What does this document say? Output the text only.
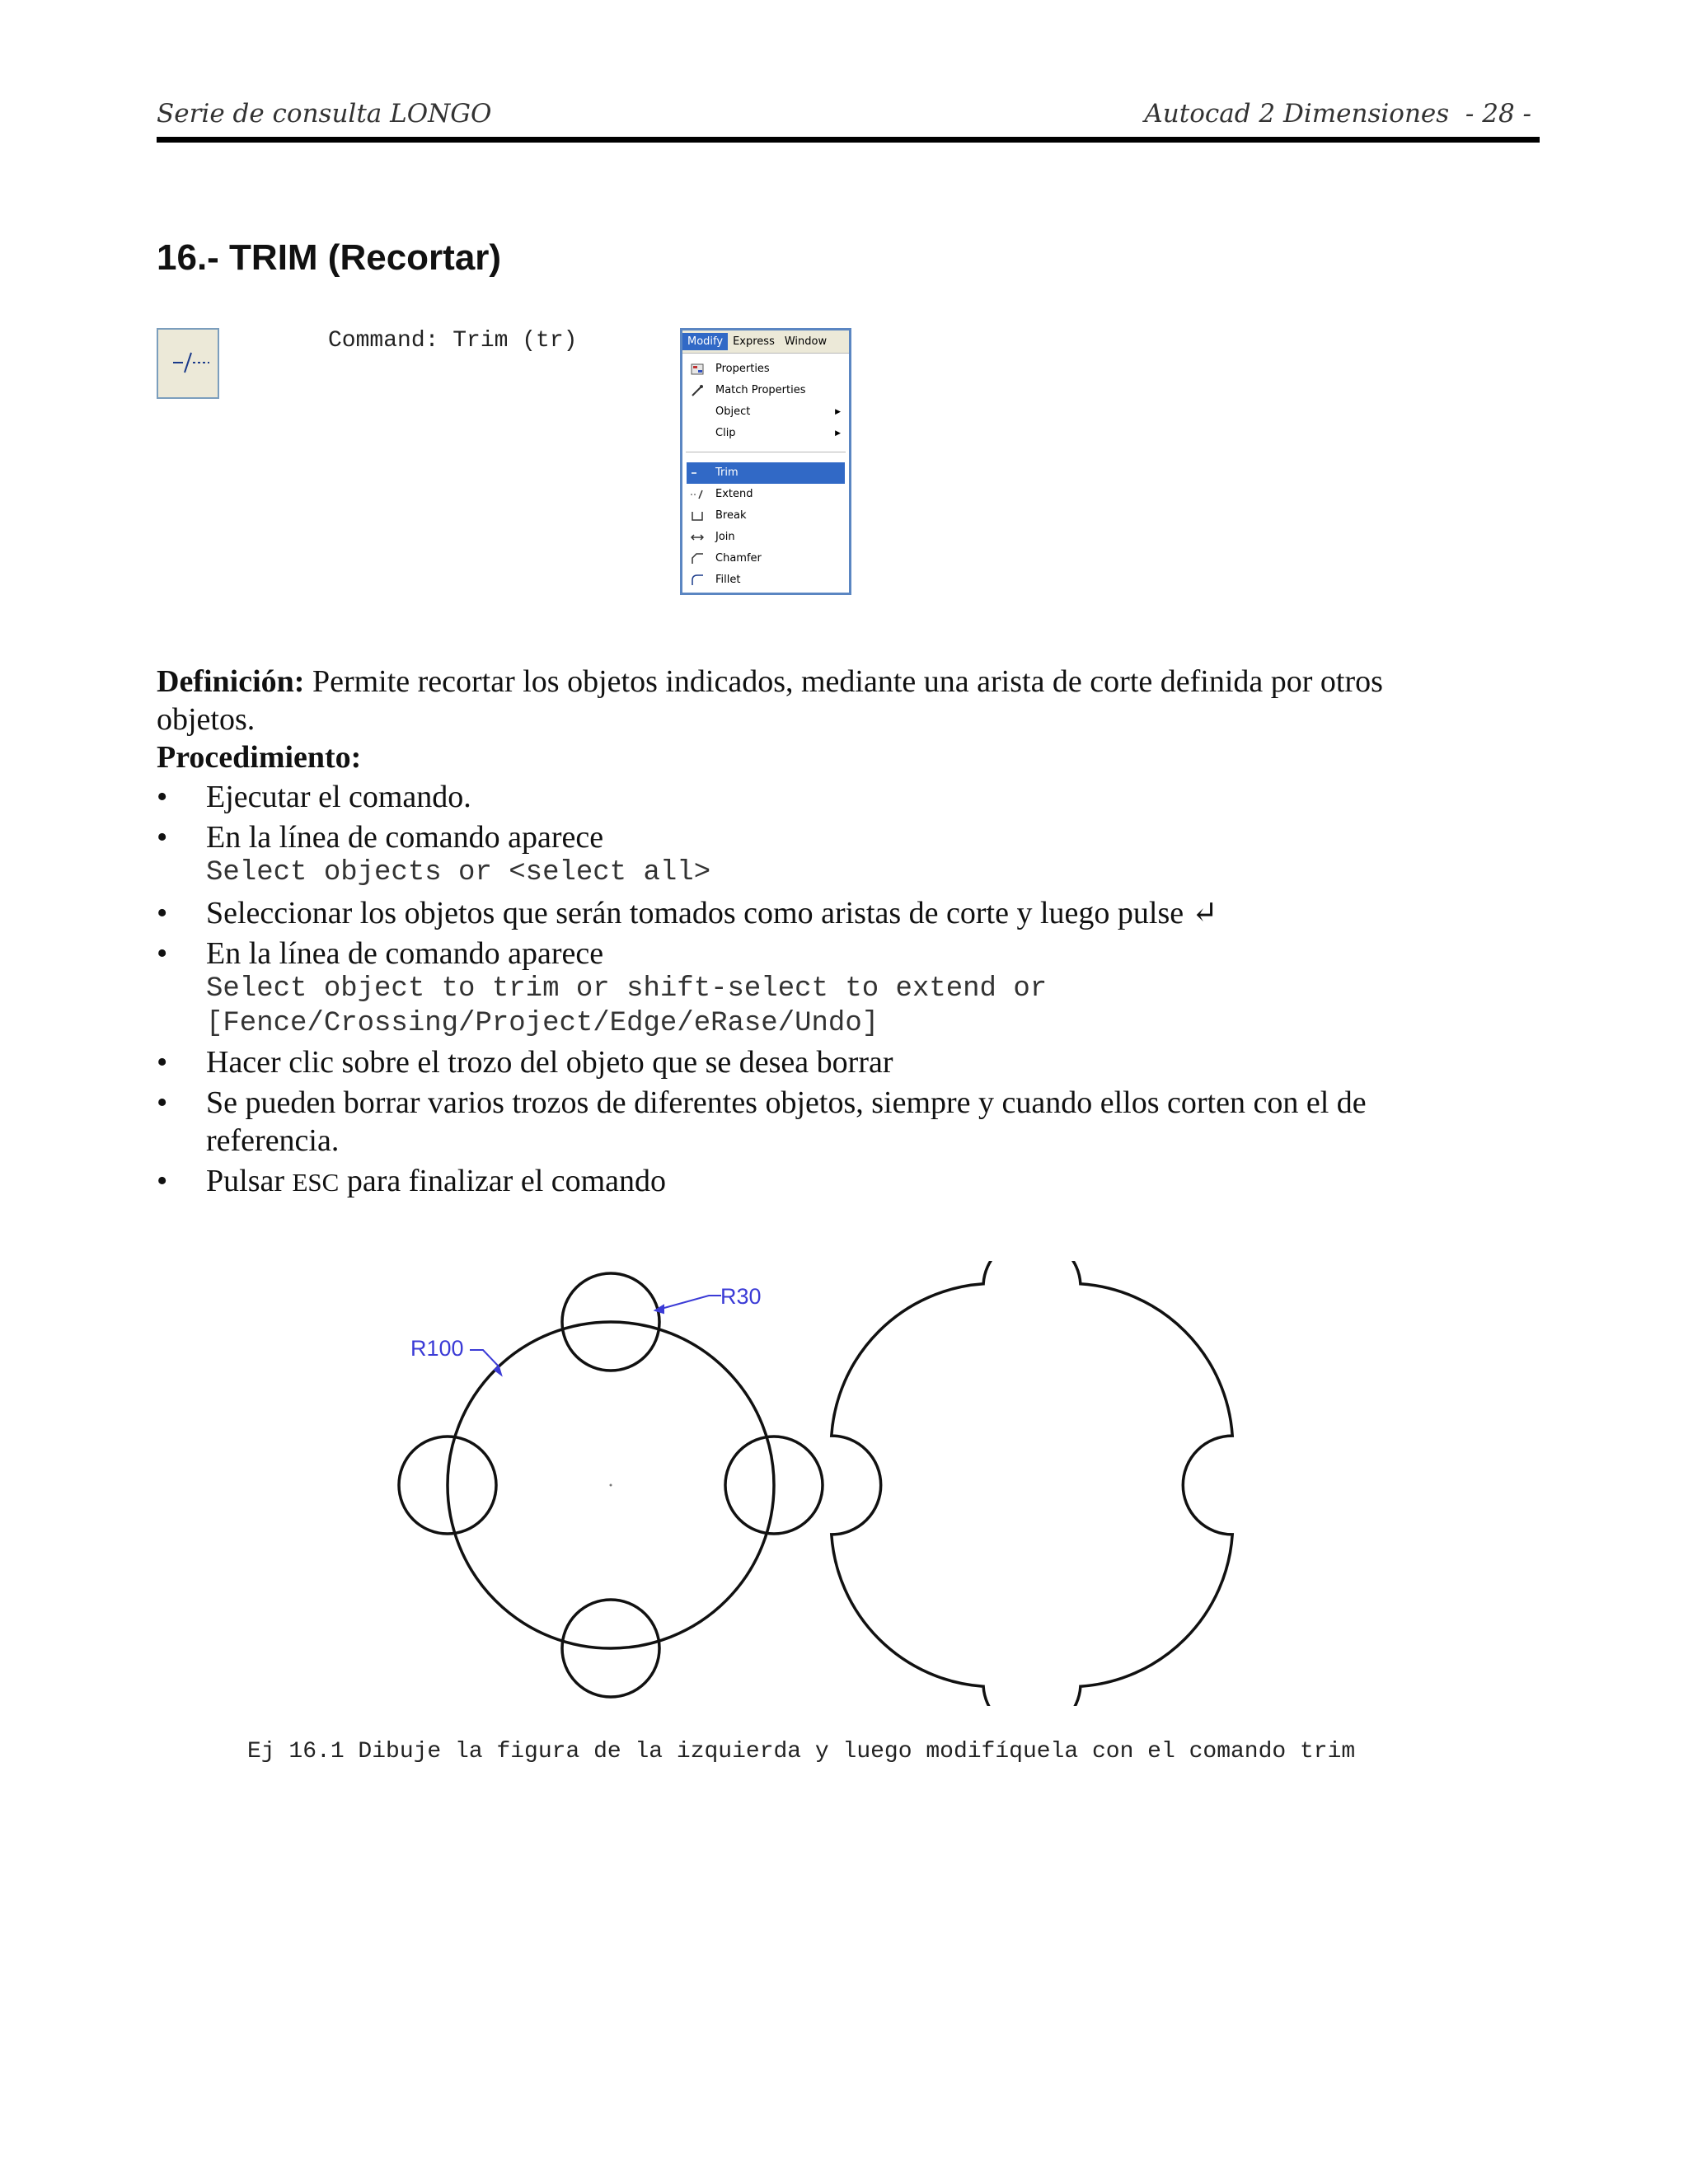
Serie de consulta LONGO	Autocad 2 Dimensiones  - 28 -
16.- TRIM (Recortar)
Command: Trim (tr)	Modify Express Window
Properties
Match Properties
Object	▶
Clip	▶
Trim
Extend
Break
Join
Chamfer
Fillet
Definición: Permite recortar los objetos indicados, mediante una arista de corte definida por otros
objetos.
Procedimiento:
•	Ejecutar el comando.
•	En la línea de comando aparece
Select objects or <select all>
•	Seleccionar los objetos que serán tomados como aristas de corte y luego pulse ↵
•	En la línea de comando aparece
Select object to trim or shift-select to extend or
[Fence/Crossing/Project/Edge/eRase/Undo]
•	Hacer clic sobre el trozo del objeto que se desea borrar
•	Se pueden borrar varios trozos de diferentes objetos, siempre y cuando ellos corten con el de
referencia.
•	Pulsar ESC para finalizar el comando
R100
R30
Ej 16.1 Dibuje la figura de la izquierda y luego modifíquela con el comando trim
